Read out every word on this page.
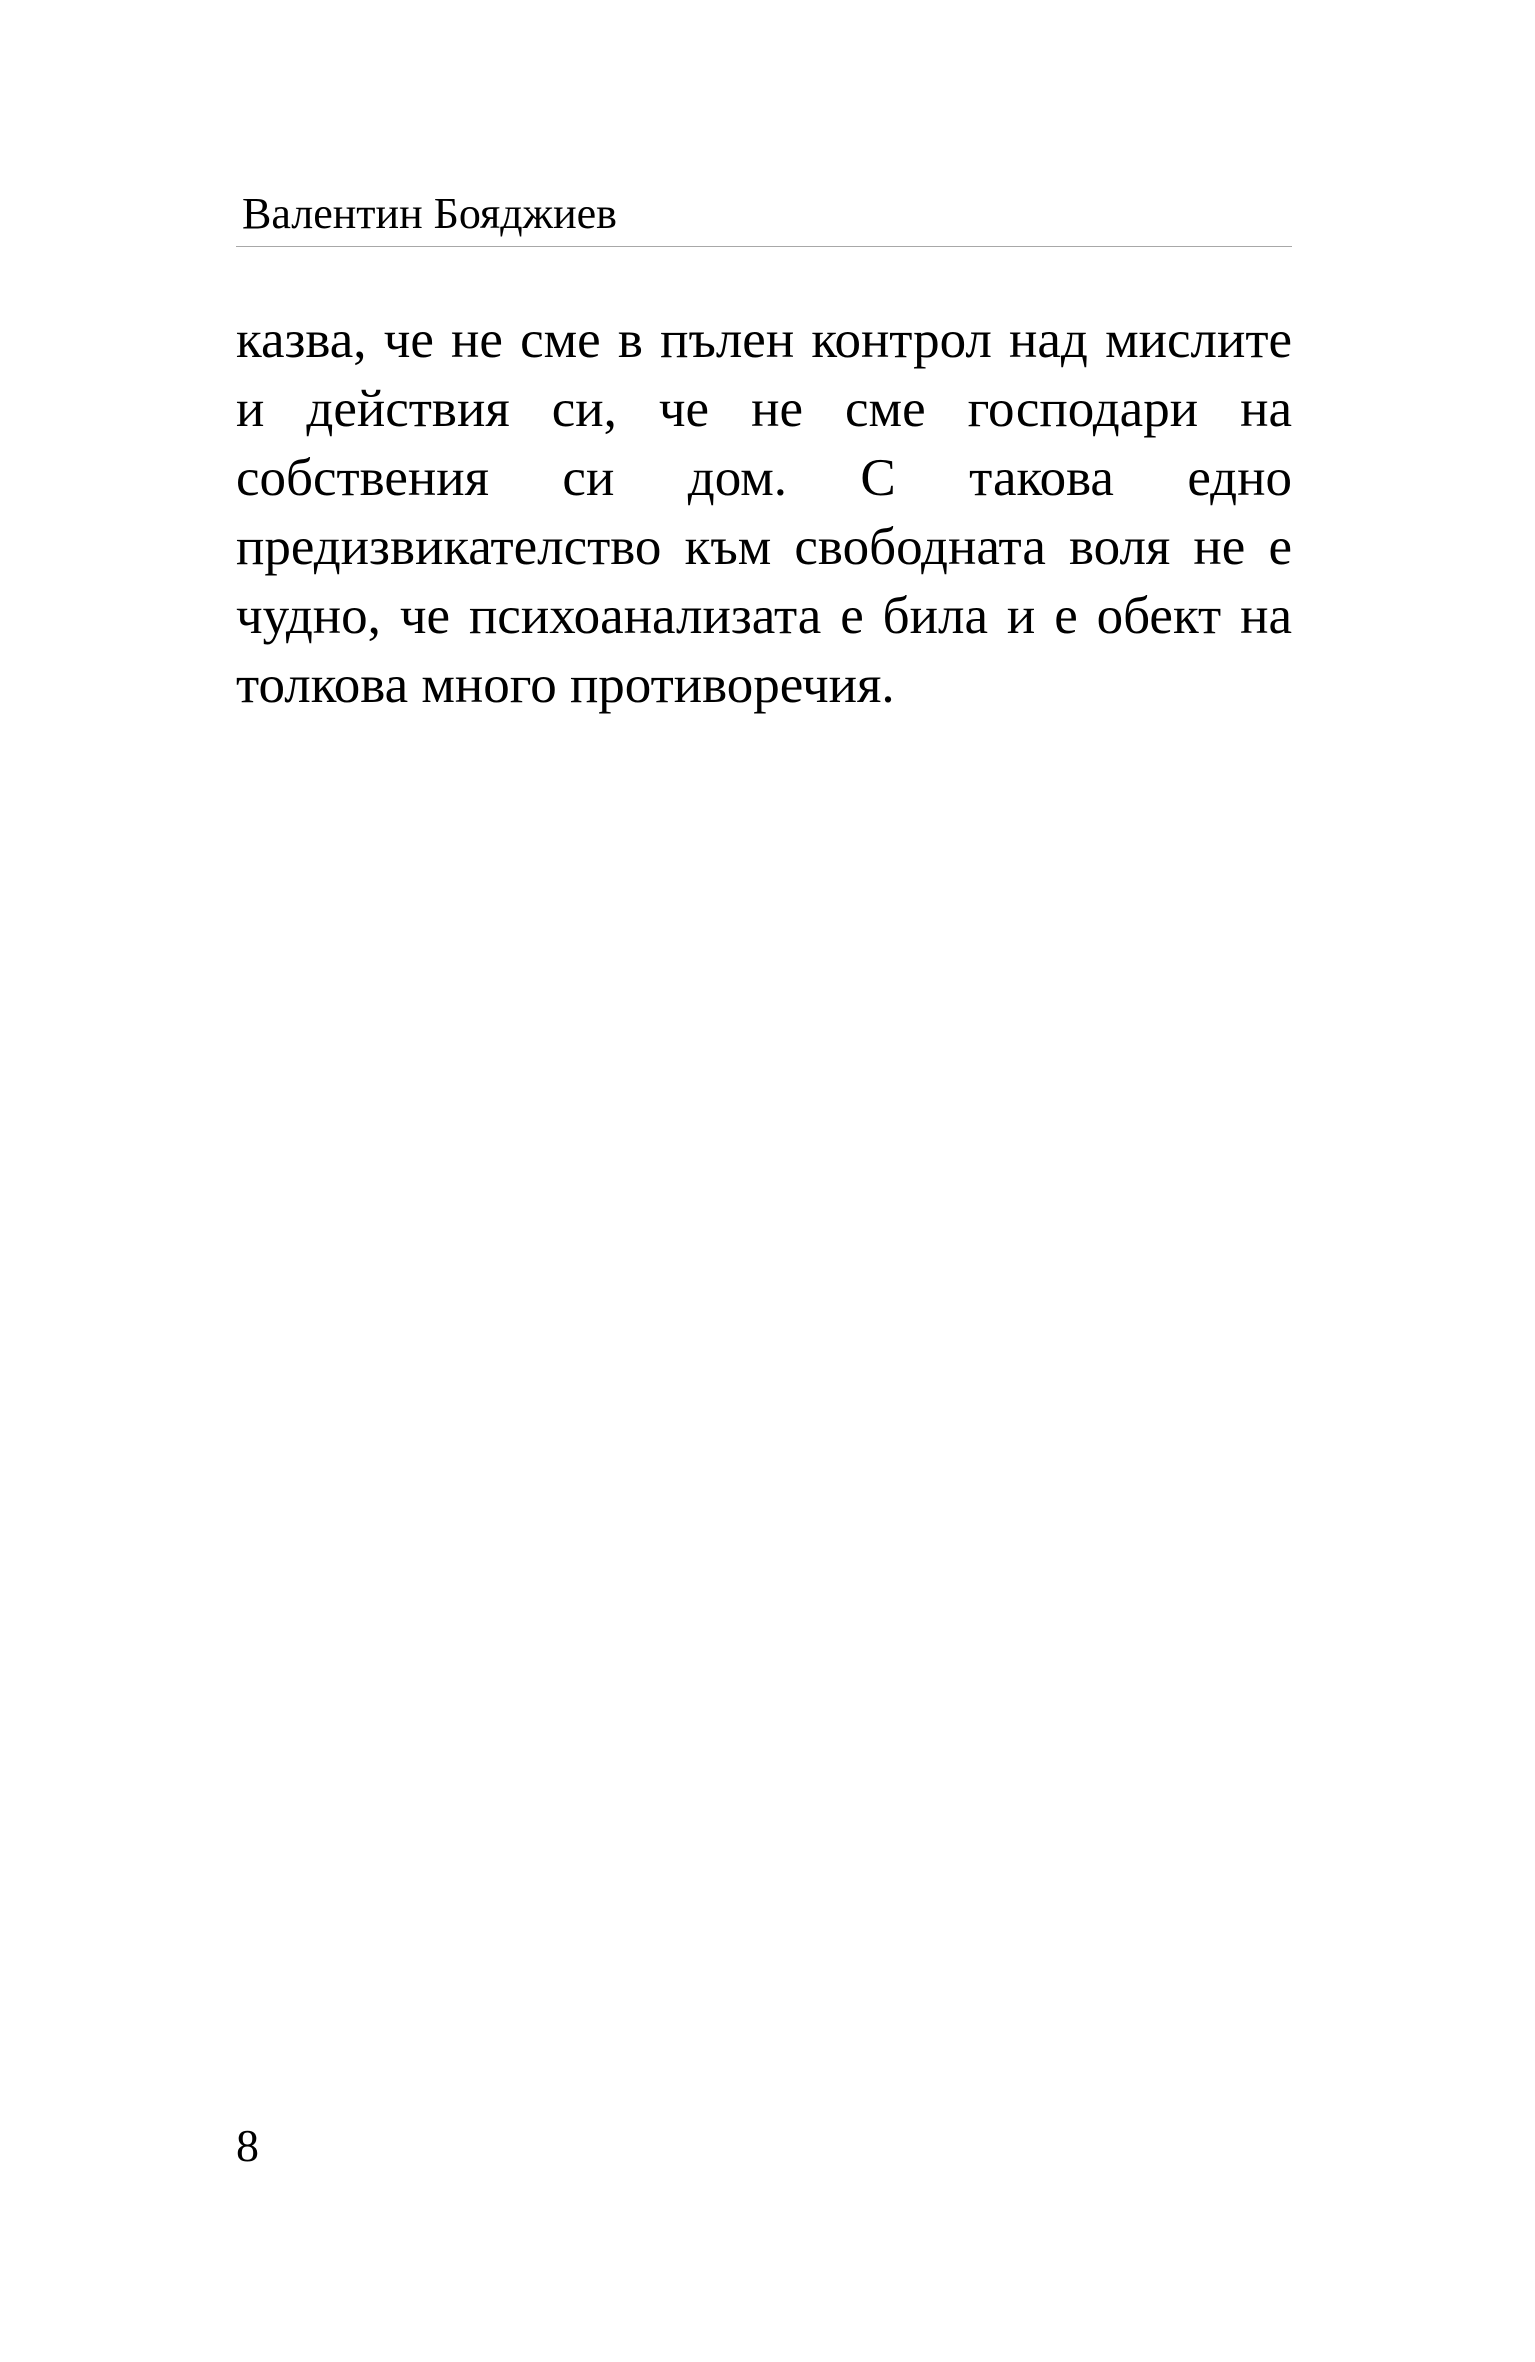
Валентин Бояджиев

казва, че не сме в пълен контрол над мислите и действия си, че не сме господари на собствения си дом. С такова едно предизвикателство към свободната воля не е чудно, че психоанализата е била и е обект на толкова много противоречия.

8
